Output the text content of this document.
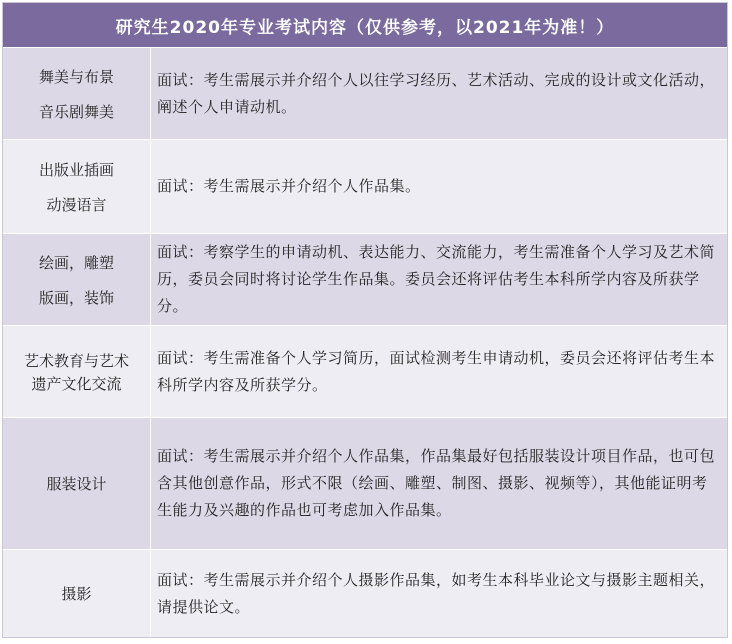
研究生2020年专业考试内容（仅供参考，以2021年为准！）
舞美与布景
音乐剧舞美
面试：考生需展示并介绍个人以往学习经历、艺术活动、完成的设计或文化活动，阐述个人申请动机。
出版业插画
动漫语言
面试：考生需展示并介绍个人作品集。
绘画，雕塑
版画，装饰
面试：考察学生的申请动机、表达能力、交流能力，考生需准备个人学习及艺术简历，委员会同时将讨论学生作品集。委员会还将评估考生本科所学内容及所获学分。
艺术教育与艺术
遗产文化交流
面试：考生需准备个人学习简历，面试检测考生申请动机，委员会还将评估考生本科所学内容及所获学分。
服装设计
面试：考生需展示并介绍个人作品集，作品集最好包括服装设计项目作品，也可包含其他创意作品，形式不限（绘画、雕塑、制图、摄影、视频等），其他能证明考生能力及兴趣的作品也可考虑加入作品集。
摄影
面试：考生需展示并介绍个人摄影作品集，如考生本科毕业论文与摄影主题相关，请提供论文。
